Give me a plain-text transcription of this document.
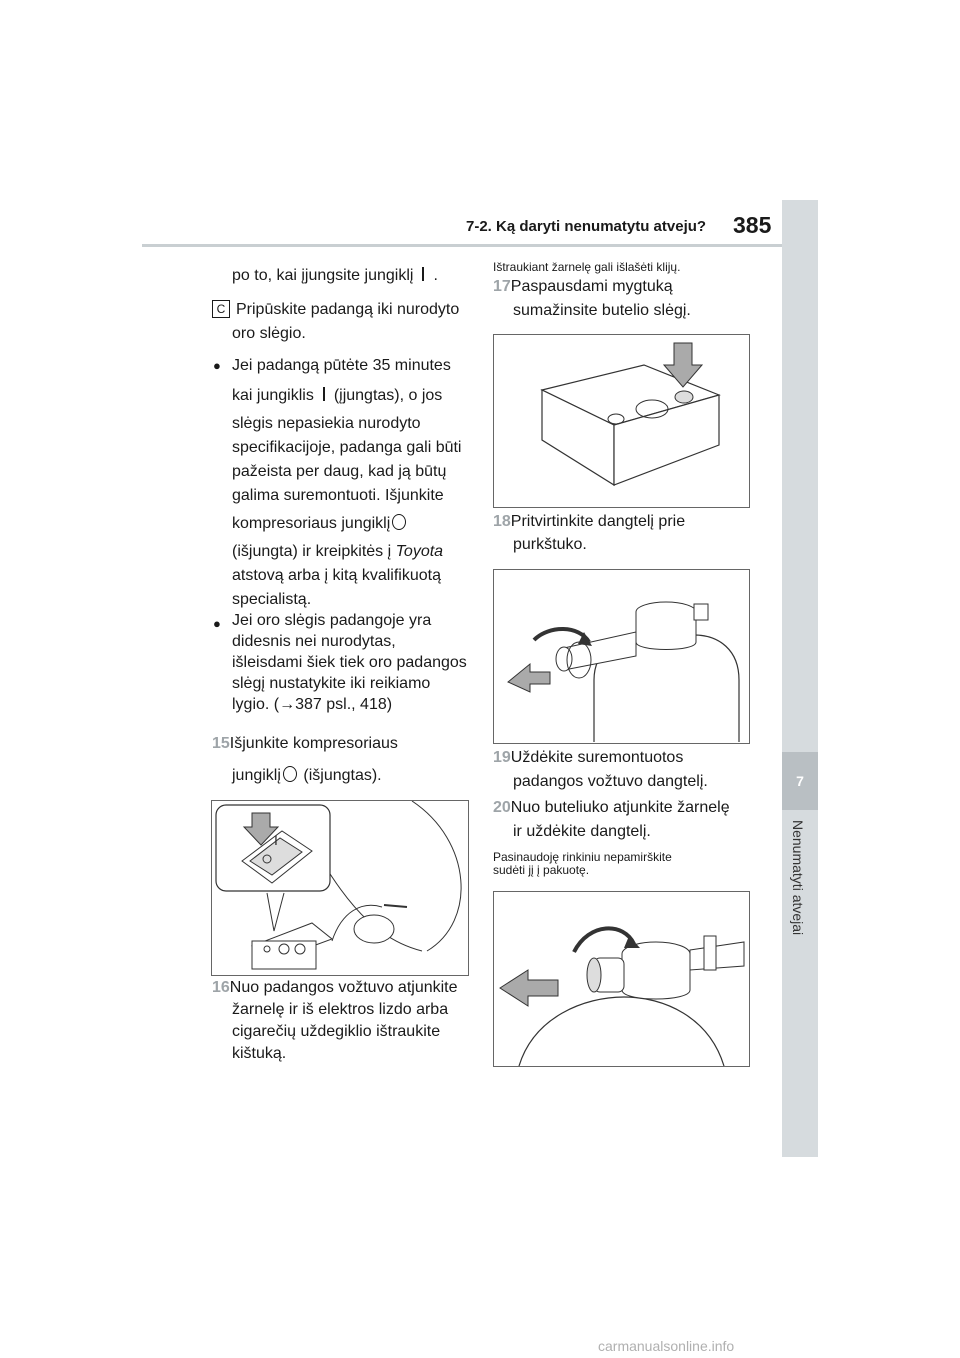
7-2. Ką daryti nenumatytu atveju? 385
7
Nenumatyti atvejai
po to, kai įjungsite jungiklį .
C Pripūskite padangą iki nurodyto
oro slėgio.
● Jei padangą pūtėte 35 minutes
kai jungiklis (įjungtas), o jos
slėgis nepasiekia nurodyto
specifikacijoje, padanga gali būti
pažeista per daug, kad ją būtų
galima suremontuoti. Išjunkite
kompresoriaus jungiklį
(išjungta) ir kreipkitės į Toyota
atstovą arba į kitą kvalifikuotą
specialistą.
● Jei oro slėgis padangoje yra
didesnis nei nurodytas,
išleisdami šiek tiek oro padangos
slėgį nustatykite iki reikiamo
lygio. (→387 psl., 418)
15Išjunkite kompresoriaus
jungiklį (išjungtas).
I
16Nuo padangos vožtuvo atjunkite
žarnelę ir iš elektros lizdo arba
cigarečių uždegiklio ištraukite
kištuką.
Ištraukiant žarnelę gali išlašėti klijų.
17Paspausdami mygtuką
sumažinsite butelio slėgį.
18Pritvirtinkite dangtelį prie
purkštuko.
19Uždėkite suremontuotos
padangos vožtuvo dangtelį.
20Nuo buteliuko atjunkite žarnelę
ir uždėkite dangtelį.
Pasinaudoję rinkiniu nepamirškite
sudėti jį į pakuotę.
carmanualsonline.info
